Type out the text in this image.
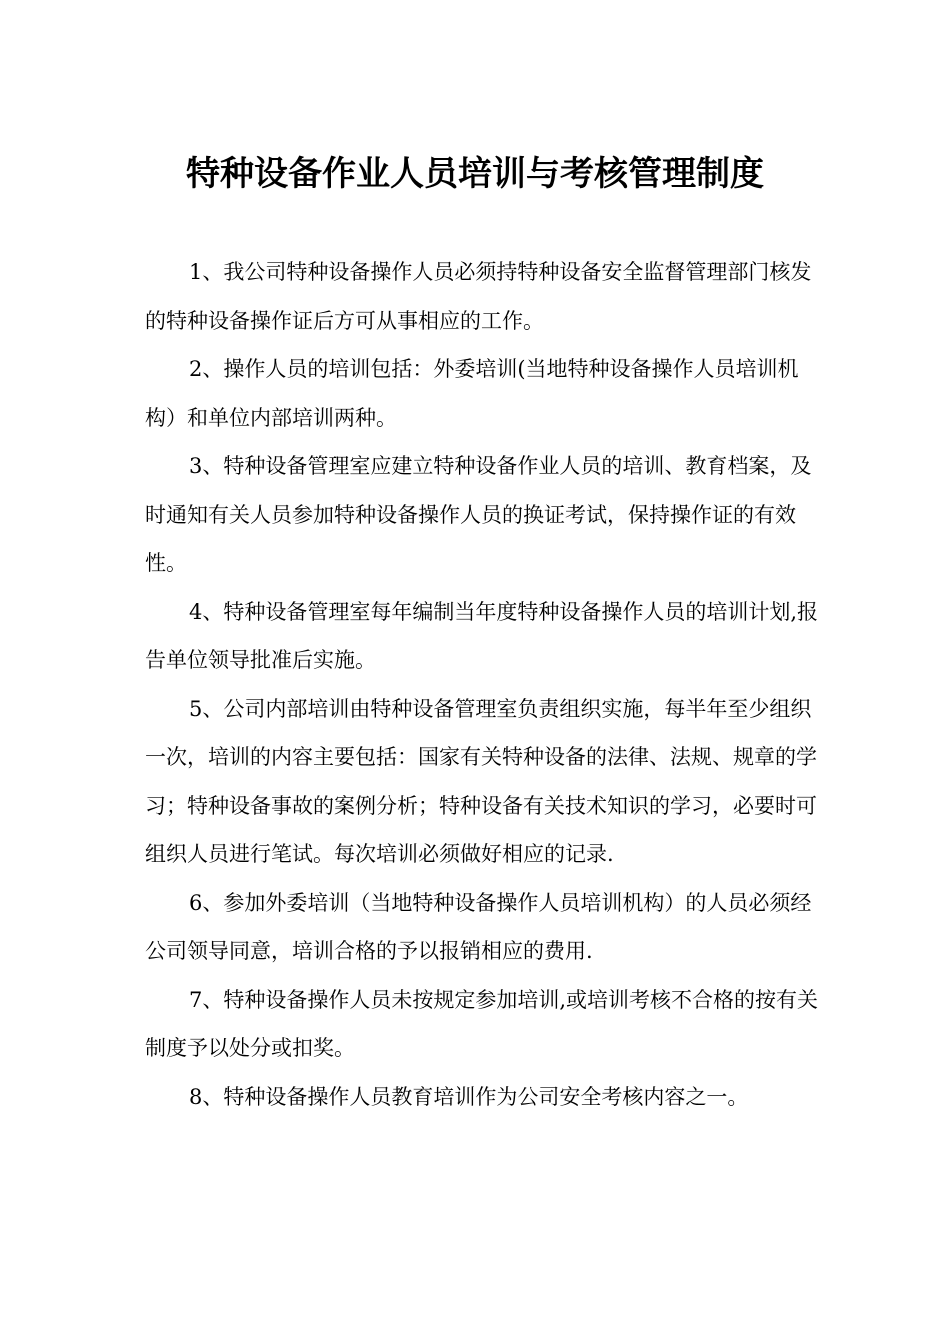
特种设备作业人员培训与考核管理制度

1、我公司特种设备操作人员必须持特种设备安全监督管理部门核发的特种设备操作证后方可从事相应的工作。

2、操作人员的培训包括：外委培训(当地特种设备操作人员培训机构）和单位内部培训两种。

3、特种设备管理室应建立特种设备作业人员的培训、教育档案，及时通知有关人员参加特种设备操作人员的换证考试，保持操作证的有效性。

4、特种设备管理室每年编制当年度特种设备操作人员的培训计划,报告单位领导批准后实施。

5、公司内部培训由特种设备管理室负责组织实施，每半年至少组织一次，培训的内容主要包括：国家有关特种设备的法律、法规、规章的学习；特种设备事故的案例分析；特种设备有关技术知识的学习，必要时可组织人员进行笔试。每次培训必须做好相应的记录.

6、参加外委培训（当地特种设备操作人员培训机构）的人员必须经公司领导同意，培训合格的予以报销相应的费用.

7、特种设备操作人员未按规定参加培训,或培训考核不合格的按有关制度予以处分或扣奖。

8、特种设备操作人员教育培训作为公司安全考核内容之一。
